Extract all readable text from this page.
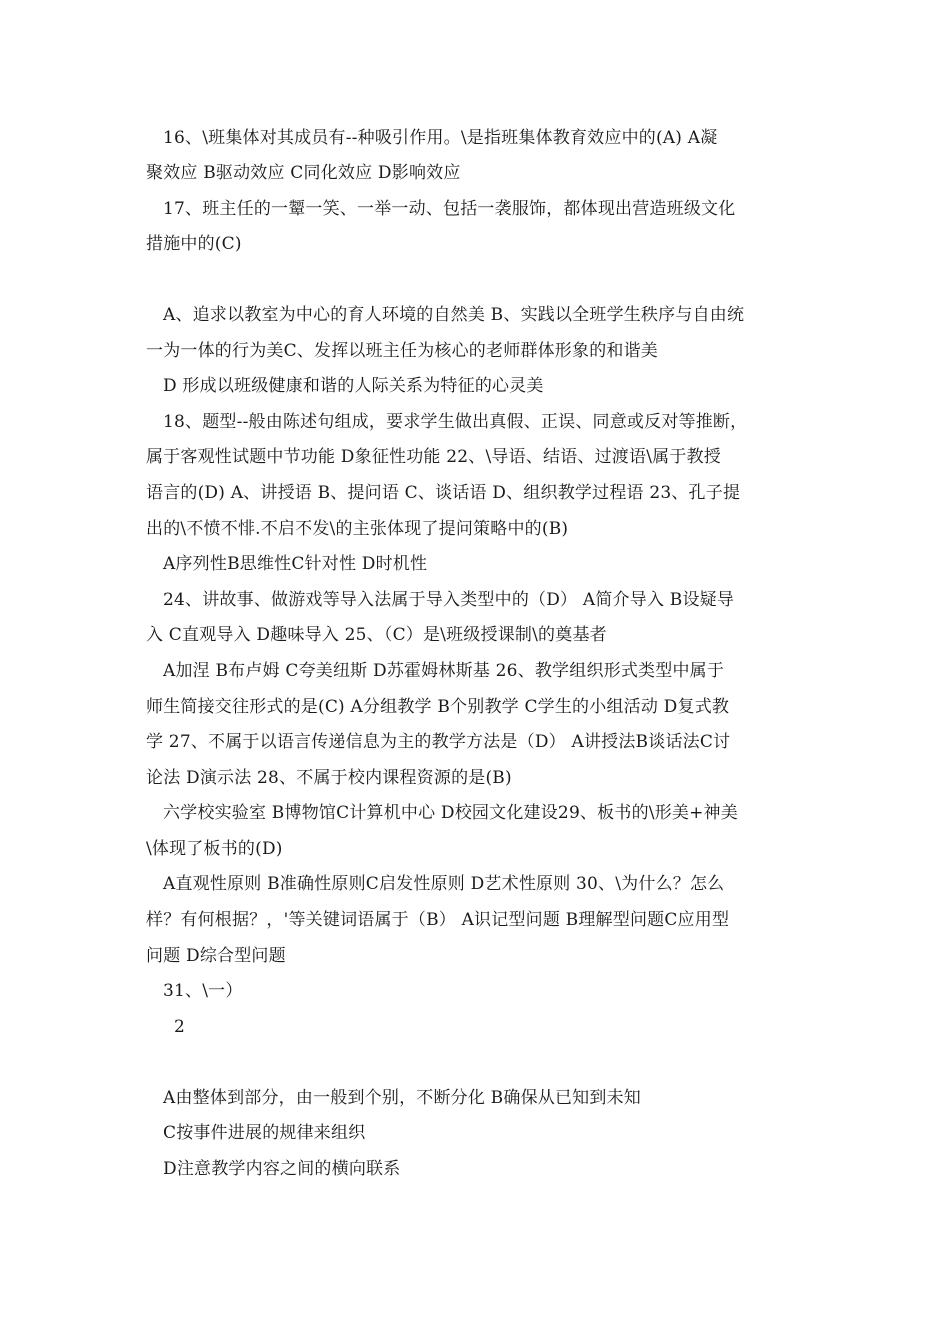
16、\班集体对其成员有--种吸引作用。\是指班集体教育效应中的(A) A凝
聚效应 B驱动效应 C同化效应 D影响效应
17、班主任的一颦一笑、一举一动、包括一袭服饰，都体现出营造班级文化
措施中的(C)
A、追求以教室为中心的育人环境的自然美 B、实践以全班学生秩序与自由统
一为一体的行为美C、发挥以班主任为核心的老师群体形象的和谐美
D 形成以班级健康和谐的人际关系为特征的心灵美
18、题型--般由陈述句组成，要求学生做出真假、正误、同意或反对等推断，
属于客观性试题中节功能 D象征性功能 22、\导语、结语、过渡语\属于教授
语言的(D) A、讲授语 B、提问语 C、谈话语 D、组织教学过程语 23、孔子提
出的\不愤不悱.不启不发\的主张体现了提问策略中的(B)
A序列性B思维性C针对性 D时机性
24、讲故事、做游戏等导入法属于导入类型中的（D） A简介导入 B设疑导
入 C直观导入 D趣味导入 25、（C）是\班级授课制\的奠基者
A加涅 B布卢姆 C夸美纽斯 D苏霍姆林斯基 26、教学组织形式类型中属于
师生简接交往形式的是(C) A分组教学 B个别教学 C学生的小组活动 D复式教
学 27、不属于以语言传递信息为主的教学方法是（D） A讲授法B谈话法C讨
论法 D演示法 28、不属于校内课程资源的是(B)
六学校实验室 B博物馆C计算机中心 D校园文化建设29、板书的\形美+神美
\体现了板书的(D)
A直观性原则 B准确性原则C启发性原则 D艺术性原则 30、\为什么？怎么
样？有何根据？，'等关键词语属于（B） A识记型问题 B理解型问题C应用型
问题 D综合型问题
31、\一）
2
A由整体到部分，由一般到个别，不断分化 B确保从已知到未知
C按事件进展的规律来组织
D注意教学内容之间的横向联系
